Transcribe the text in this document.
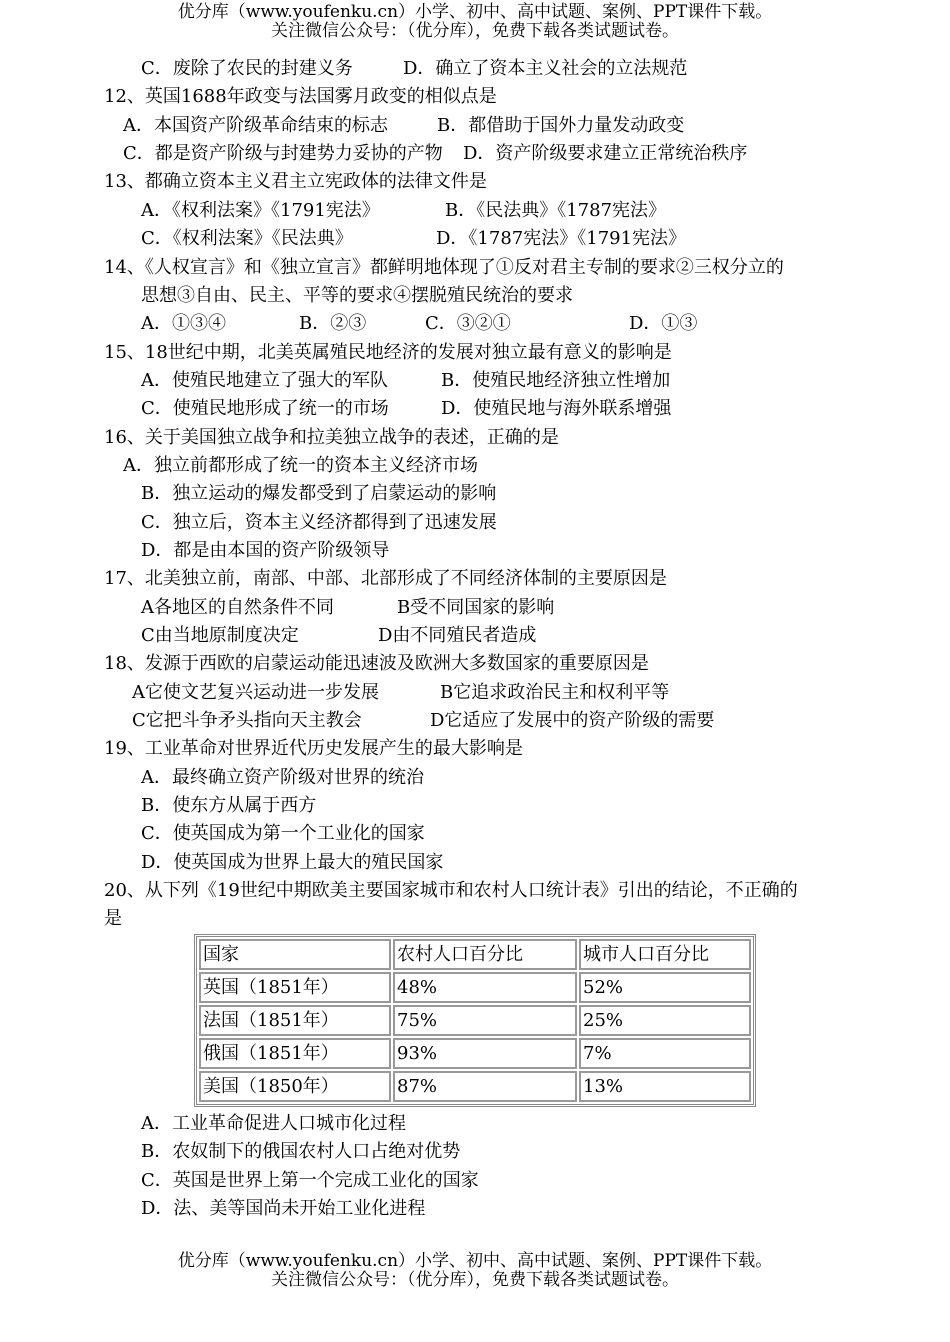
优分库（www.youfenku.cn）小学、初中、高中试题、案例、PPT课件下载。
关注微信公众号：（优分库），免费下载各类试题试卷。
C．废除了农民的封建义务	D．确立了资本主义社会的立法规范
12、英国1688年政变与法国雾月政变的相似点是
A．本国资产阶级革命结束的标志	B．都借助于国外力量发动政变
C．都是资产阶级与封建势力妥协的产物 D．资产阶级要求建立正常统治秩序
13、都确立资本主义君主立宪政体的法律文件是
A．《权利法案》《1791宪法》	B．《民法典》《1787宪法》
C．《权利法案》《民法典》	D．《1787宪法》《1791宪法》
14、《人权宣言》和《独立宣言》都鲜明地体现了①反对君主专制的要求②三权分立的
思想③自由、民主、平等的要求④摆脱殖民统治的要求
A．①③④	B．②③	C．③②①	D．①③
15、18世纪中期，北美英属殖民地经济的发展对独立最有意义的影响是
A．使殖民地建立了强大的军队	B．使殖民地经济独立性增加
C．使殖民地形成了统一的市场	D．使殖民地与海外联系增强
16、关于美国独立战争和拉美独立战争的表述，正确的是
A．独立前都形成了统一的资本主义经济市场
B．独立运动的爆发都受到了启蒙运动的影响
C．独立后，资本主义经济都得到了迅速发展
D．都是由本国的资产阶级领导
17、北美独立前，南部、中部、北部形成了不同经济体制的主要原因是
A各地区的自然条件不同	B受不同国家的影响
C由当地原制度决定	D由不同殖民者造成
18、发源于西欧的启蒙运动能迅速波及欧洲大多数国家的重要原因是
A它使文艺复兴运动进一步发展	B它追求政治民主和权利平等
C它把斗争矛头指向天主教会	D它适应了发展中的资产阶级的需要
19、工业革命对世界近代历史发展产生的最大影响是
A．最终确立资产阶级对世界的统治
B．使东方从属于西方
C．使英国成为第一个工业化的国家
D．使英国成为世界上最大的殖民国家
20、从下列《19世纪中期欧美主要国家城市和农村人口统计表》引出的结论，不正确的
是
国家	农村人口百分比	城市人口百分比
英国（1851年）	48%	52%
法国（1851年）	75%	25%
俄国（1851年）	93%	7%
美国（1850年）	87%	13%
A．工业革命促进人口城市化过程
B．农奴制下的俄国农村人口占绝对优势
C．英国是世界上第一个完成工业化的国家
D．法、美等国尚未开始工业化进程
优分库（www.youfenku.cn）小学、初中、高中试题、案例、PPT课件下载。
关注微信公众号：（优分库），免费下载各类试题试卷。
